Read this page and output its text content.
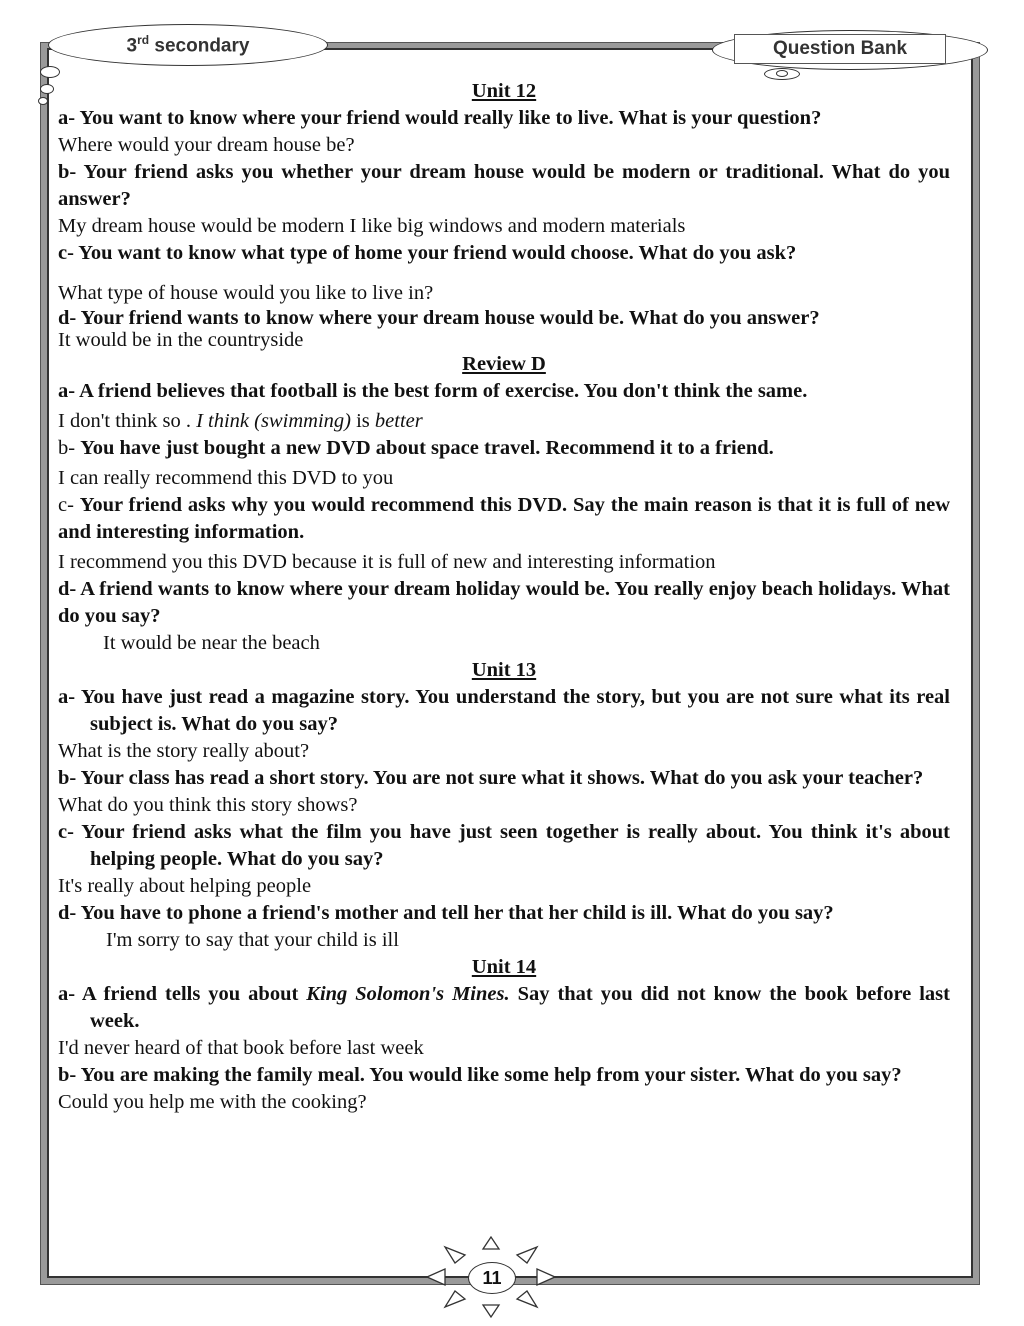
3rd secondary	Question Bank

Unit 12

a- You want to know where your friend would really like to live. What is your question?

Where would your dream house be?

b- Your friend asks you whether your dream house would be modern or traditional. What do you answer?

My dream house would be modern I like big windows and modern materials

c- You want to know what type of home your friend would choose. What do you ask?

What type of house would you like to live in?

d- Your friend wants to know where your dream house would be. What do you answer?

It would be in the countryside

Review D

a- A friend believes that football is the best form of exercise. You don't think the same.

I don't think so . I think (swimming) is better

b- You have just bought a new DVD about space travel. Recommend it to a friend.

I can really recommend this DVD to you

c- Your friend asks why you would recommend this DVD. Say the main reason is that it is full of new and interesting information.

I recommend you this DVD because it is full of new and interesting information

d- A friend wants to know where your dream holiday would be. You really enjoy beach holidays. What do you say?

It would be near the beach

Unit 13

a- You have just read a magazine story. You understand the story, but you are not sure what its real subject is. What do you say?

What is the story really about?

b- Your class has read a short story. You are not sure what it shows. What do you ask your teacher?

What do you think this story shows?

c- Your friend asks what the film you have just seen together is really about. You think it's about helping people. What do you say?

It's really about helping people

d- You have to phone a friend's mother and tell her that her child is ill. What do you say?

I'm sorry to say that your child is ill

Unit 14

a- A friend tells you about King Solomon's Mines. Say that you did not know the book before last week.

I'd never heard of that book before last week

b- You are making the family meal. You would like some help from your sister. What do you say?

Could you help me with the cooking?

11
